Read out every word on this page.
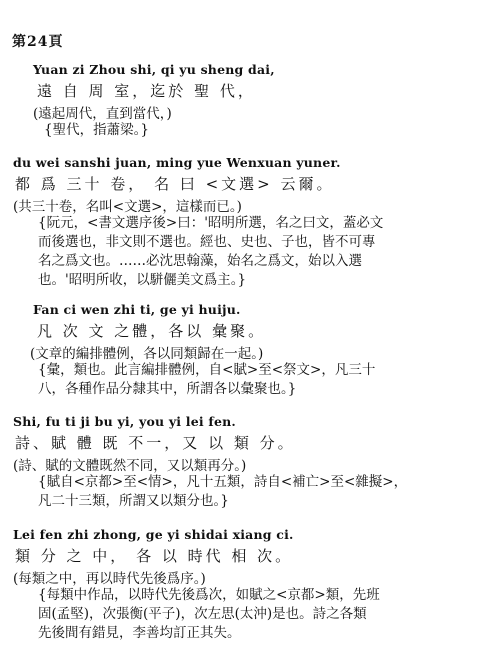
第24頁
Yuan zi Zhou shi, qi yu sheng dai,
遠 自 周 室，迄於 聖 代，
(遠起周代，直到當代，)
{聖代，指蕭梁。}
du wei sanshi juan, ming yue Wenxuan yuner.
都 爲 三十 卷， 名 曰 <文選> 云爾。
(共三十卷，名叫<文選>，這樣而已。)
{阮元，<書文選序後>曰：'昭明所選，名之曰文，蓋必文
而後選也，非文則不選也。經也、史也、子也，皆不可專
名之爲文也。……必沈思翰藻，始名之爲文，始以入選
也。'昭明所收，以駢儷美文爲主。}
Fan ci wen zhi ti, ge yi huiju.
凡 次 文 之體，各以 彙聚。
(文章的編排體例，各以同類歸在一起。)
{彙，類也。此言編排體例，自<賦>至<祭文>，凡三十
八，各種作品分隸其中，所謂各以彙聚也。}
Shi, fu ti ji bu yi, you yi lei fen.
詩、賦 體 既 不一，又 以 類 分。
(詩、賦的文體既然不同，又以類再分。)
{賦自<京都>至<情>，凡十五類，詩自<補亡>至<雜擬>，
凡二十三類，所謂又以類分也。}
Lei fen zhi zhong, ge yi shidai xiang ci.
類 分 之 中， 各 以 時代 相 次。
(每類之中，再以時代先後爲序。)
{每類中作品，以時代先後爲次，如賦之<京都>類，先班
固(孟堅)，次張衡(平子)，次左思(太沖)是也。詩之各類
先後間有錯見，李善均訂正其失。
